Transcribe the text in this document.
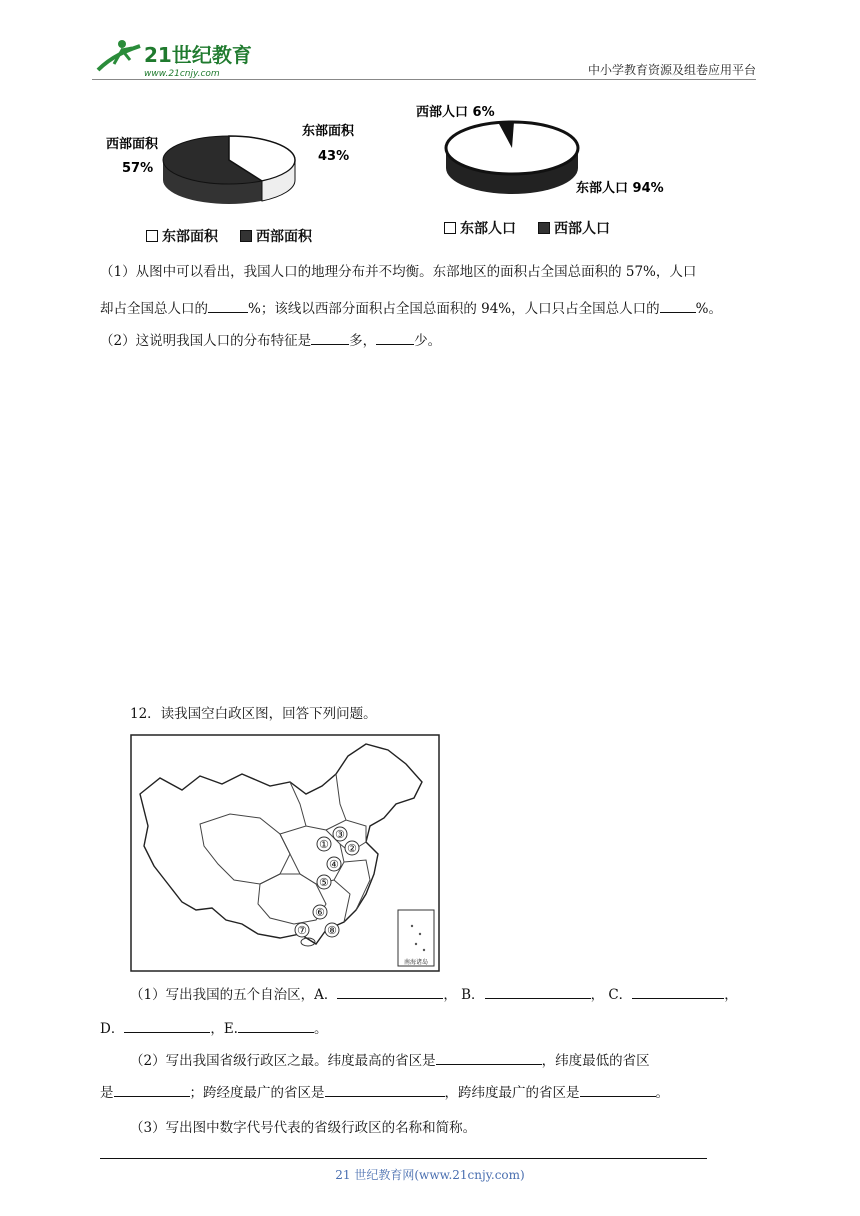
21世纪教育
www.21cnjy.com	中小学教育资源及组卷应用平台
西部面积
57%
东部面积
43%
西部人口 6%
东部人口 94%
东部面积	西部面积	东部人口	西部人口
（1）从图中可以看出，我国人口的地理分布并不均衡。东部地区的面积占全国总面积的 57%，人口
却占全国总人口的	%；该线以西部分面积占全国总面积的 94%，人口只占全国总人口的	%。
（2）这说明我国人口的分布特征是	多，	少。
12．读我国空白政区图，回答下列问题。
③
① ②
④
⑤
⑥
⑦ ⑧
南海诸岛
（1）写出我国的五个自治区，A．	， B．	， C．	，
D．	，E.	。
（2）写出我国省级行政区之最。纬度最高的省区是	，纬度最低的省区
是	；跨经度最广的省区是	，跨纬度最广的省区是	。
（3）写出图中数字代号代表的省级行政区的名称和简称。
21 世纪教育网(www.21cnjy.com)
